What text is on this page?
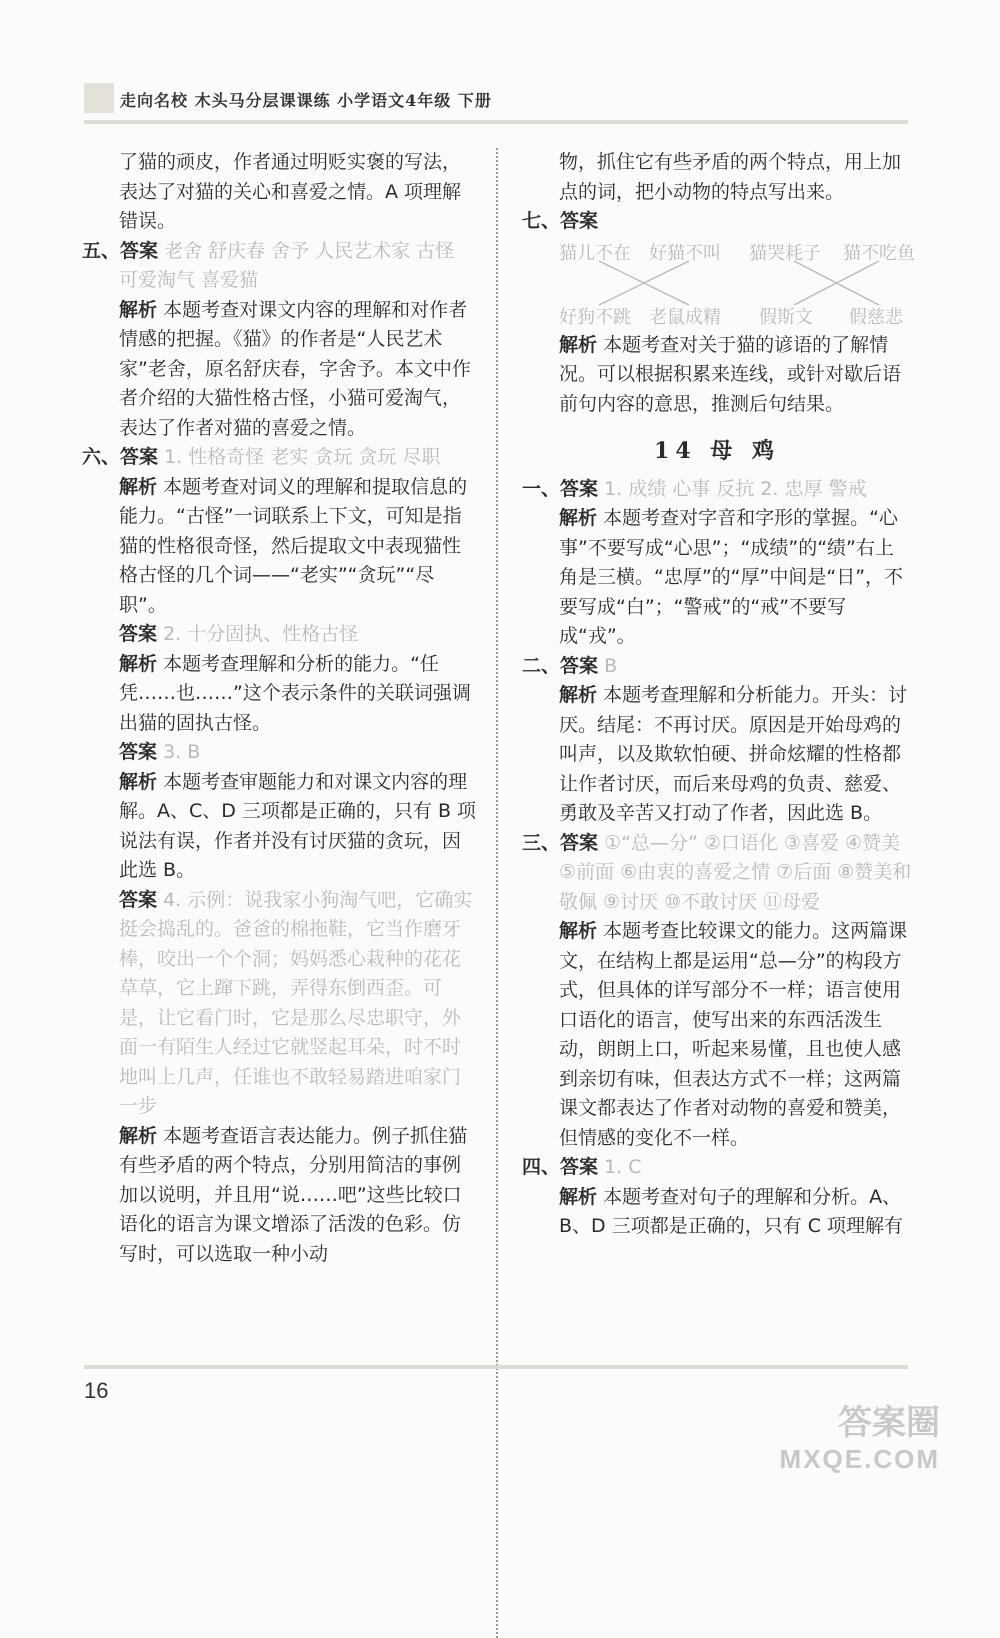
走向名校 木头马分层课课练 小学语文4年级 下册

了猫的顽皮，作者通过明贬实褒的写法，表达了对猫的关心和喜爱之情。A 项理解错误。

五、答案 老舍 舒庆春 舍予 人民艺术家 古怪 可爱淘气 喜爱猫

解析 本题考查对课文内容的理解和对作者情感的把握。《猫》的作者是“人民艺术家”老舍，原名舒庆春，字舍予。本文中作者介绍的大猫性格古怪，小猫可爱淘气，表达了作者对猫的喜爱之情。

六、答案 1. 性格奇怪 老实 贪玩 贪玩 尽职

解析 本题考查对词义的理解和提取信息的能力。“古怪”一词联系上下文，可知是指猫的性格很奇怪，然后提取文中表现猫性格古怪的几个词——“老实”“贪玩”“尽职”。

答案 2. 十分固执、性格古怪

解析 本题考查理解和分析的能力。“任凭……也……”这个表示条件的关联词强调出猫的固执古怪。

答案 3. B

解析 本题考查审题能力和对课文内容的理解。A、C、D 三项都是正确的，只有 B 项说法有误，作者并没有讨厌猫的贪玩，因此选 B。

答案 4. 示例：说我家小狗淘气吧，它确实挺会捣乱的。爸爸的棉拖鞋，它当作磨牙棒，咬出一个个洞；妈妈悉心栽种的花花草草，它上蹿下跳，弄得东倒西歪。可是，让它看门时，它是那么尽忠职守，外面一有陌生人经过它就竖起耳朵，时不时地叫上几声，任谁也不敢轻易踏进咱家门一步

解析 本题考查语言表达能力。例子抓住猫有些矛盾的两个特点，分别用简洁的事例加以说明，并且用“说……吧”这些比较口语化的语言为课文增添了活泼的色彩。仿写时，可以选取一种小动

物，抓住它有些矛盾的两个特点，用上加点的词，把小动物的特点写出来。

七、答案

猫儿不在 好猫不叫 猫哭耗子 猫不吃鱼
好狗不跳 老鼠成精 假斯文 假慈悲

解析 本题考查对关于猫的谚语的了解情况。可以根据积累来连线，或针对歇后语前句内容的意思，推测后句结果。

14 母 鸡

一、答案 1. 成绩 心事 反抗 2. 忠厚 警戒

解析 本题考查对字音和字形的掌握。“心事”不要写成“心思”；“成绩”的“绩”右上角是三横。“忠厚”的“厚”中间是“日”，不要写成“白”；“警戒”的“戒”不要写成“戎”。

二、答案 B

解析 本题考查理解和分析能力。开头：讨厌。结尾：不再讨厌。原因是开始母鸡的叫声，以及欺软怕硬、拼命炫耀的性格都让作者讨厌，而后来母鸡的负责、慈爱、勇敢及辛苦又打动了作者，因此选 B。

三、答案 ①“总—分” ②口语化 ③喜爱 ④赞美 ⑤前面 ⑥由衷的喜爱之情 ⑦后面 ⑧赞美和敬佩 ⑨讨厌 ⑩不敢讨厌 ⑪母爱

解析 本题考查比较课文的能力。这两篇课文，在结构上都是运用“总—分”的构段方式，但具体的详写部分不一样；语言使用口语化的语言，使写出来的东西活泼生动，朗朗上口，听起来易懂，且也使人感到亲切有味，但表达方式不一样；这两篇课文都表达了作者对动物的喜爱和赞美，但情感的变化不一样。

四、答案 1. C

解析 本题考查对句子的理解和分析。A、B、D 三项都是正确的，只有 C 项理解有

16
答案圈
MXQE.COM
